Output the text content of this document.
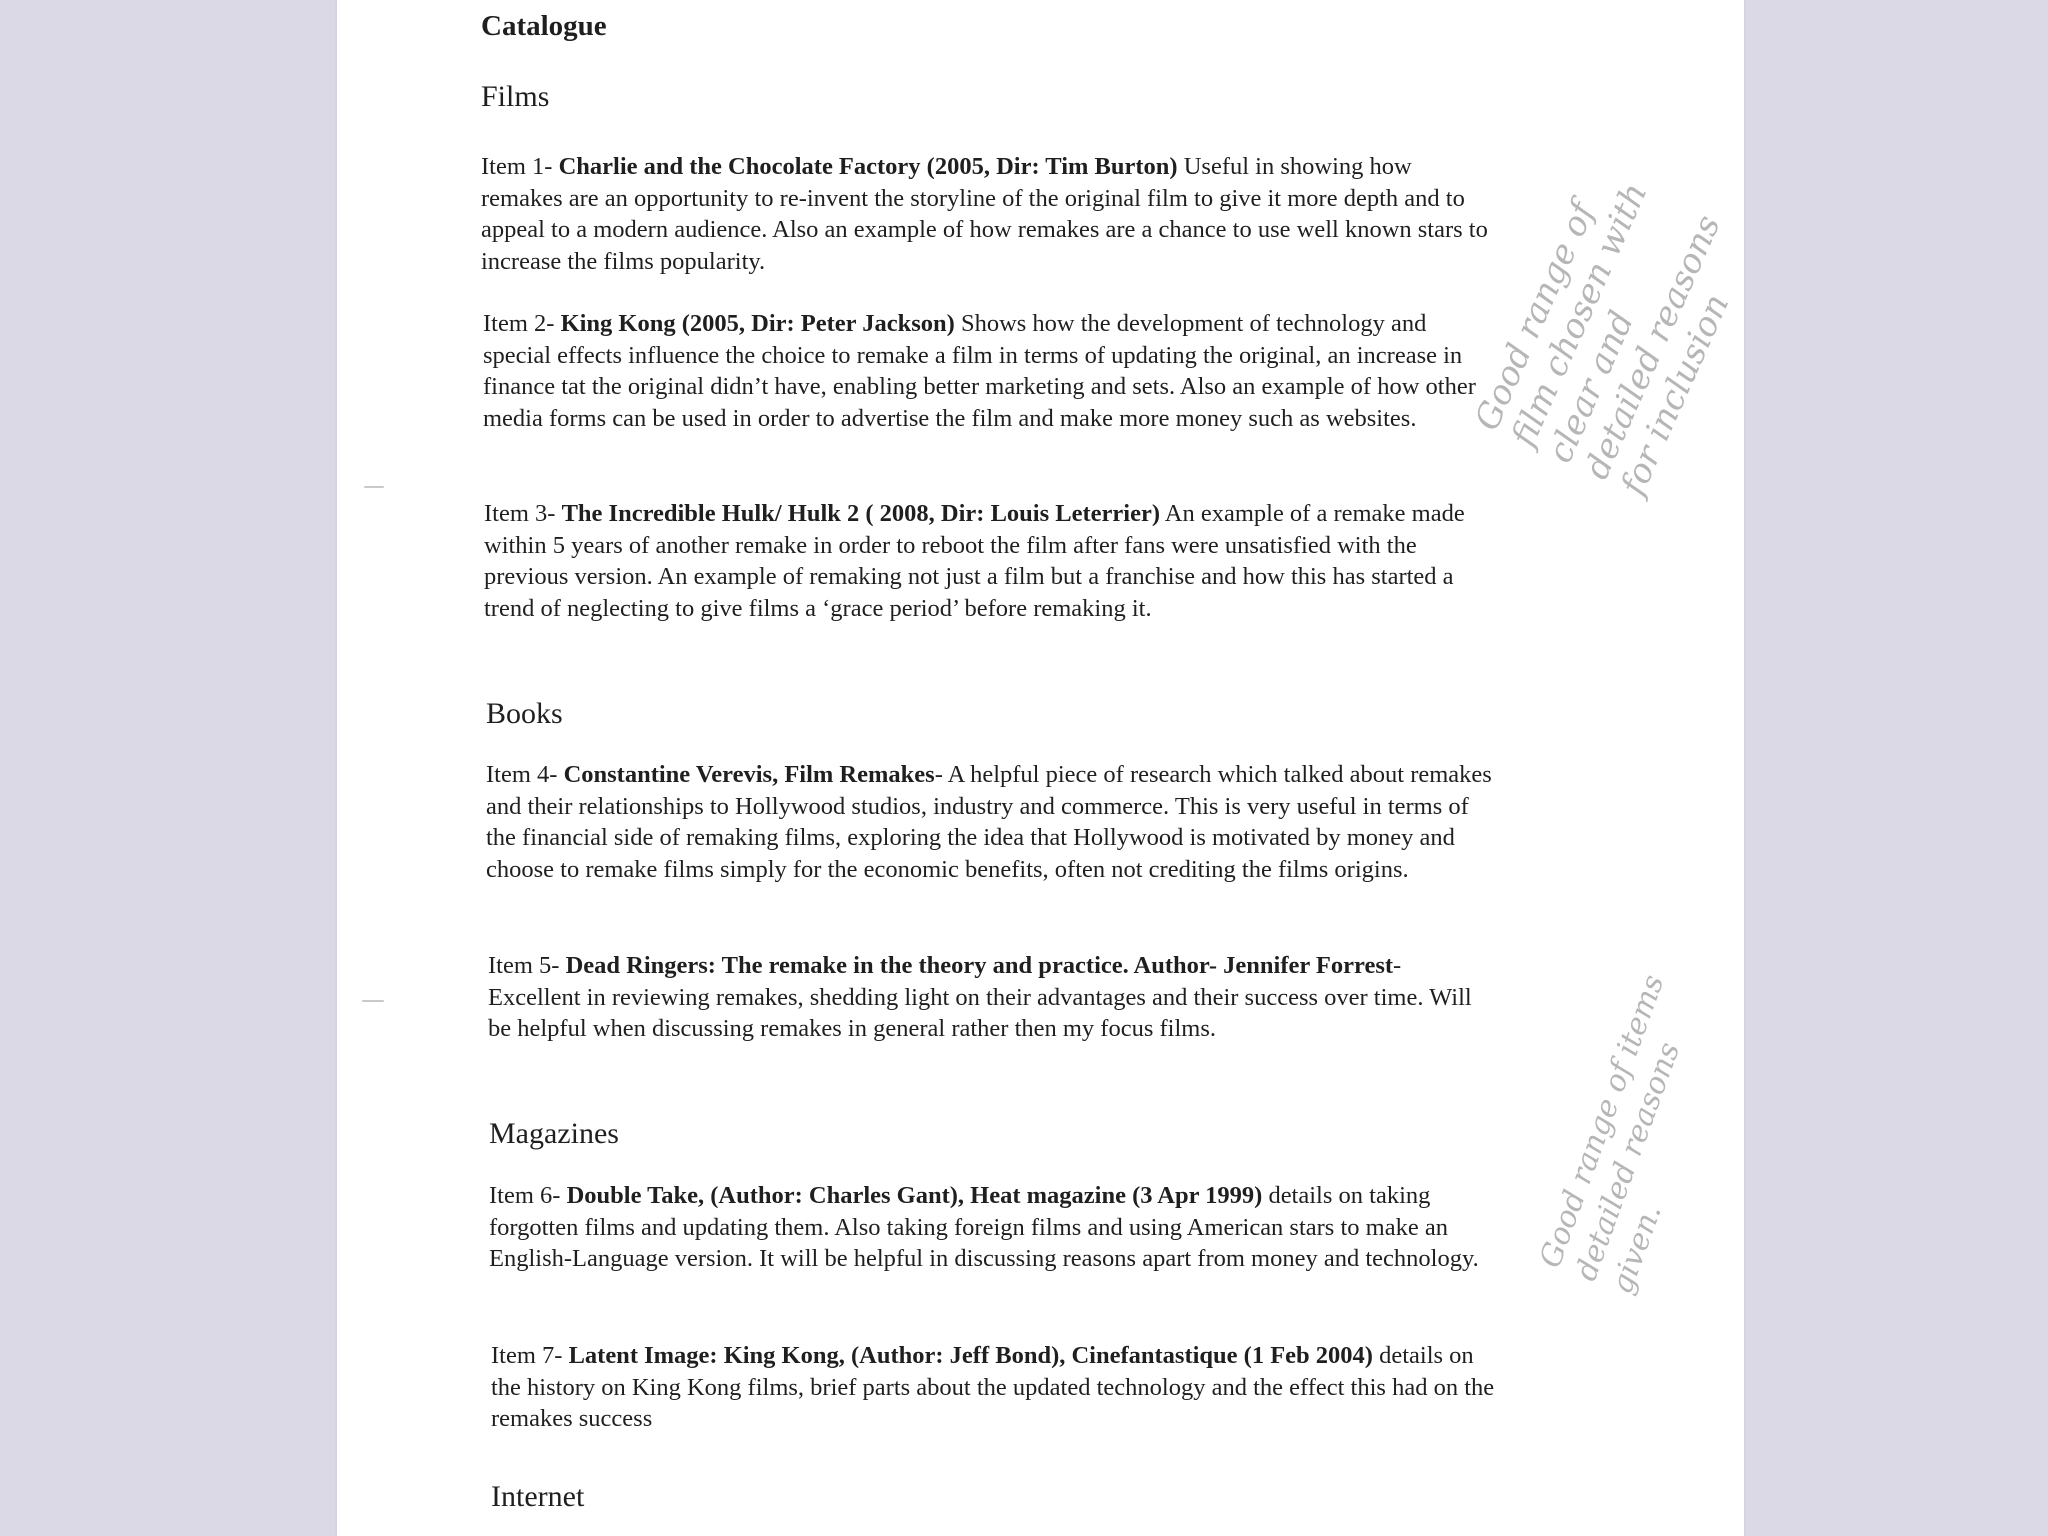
Catalogue
Films
Item 1- Charlie and the Chocolate Factory (2005, Dir: Tim Burton) Useful in showing how remakes are an opportunity to re-invent the storyline of the original film to give it more depth and to appeal to a modern audience. Also an example of how remakes are a chance to use well known stars to increase the films popularity.
Item 2- King Kong (2005, Dir: Peter Jackson) Shows how the development of technology and special effects influence the choice to remake a film in terms of updating the original, an increase in finance tat the original didn’t have, enabling better marketing and sets. Also an example of how other media forms can be used in order to advertise the film and make more money such as websites.
Item 3- The Incredible Hulk/ Hulk 2 ( 2008, Dir: Louis Leterrier) An example of a remake made within 5 years of another remake in order to reboot the film after fans were unsatisfied with the previous version. An example of remaking not just a film but a franchise and how this has started a trend of neglecting to give films a ‘grace period’ before remaking it.
Books
Item 4- Constantine Verevis, Film Remakes- A helpful piece of research which talked about remakes and their relationships to Hollywood studios, industry and commerce. This is very useful in terms of the financial side of remaking films, exploring the idea that Hollywood is motivated by money and choose to remake films simply for the economic benefits, often not crediting the films origins.
Item 5- Dead Ringers: The remake in the theory and practice. Author- Jennifer Forrest- Excellent in reviewing remakes, shedding light on their advantages and their success over time. Will be helpful when discussing remakes in general rather then my focus films.
Magazines
Item 6- Double Take, (Author: Charles Gant), Heat magazine (3 Apr 1999) details on taking forgotten films and updating them. Also taking foreign films and using American stars to make an English-Language version. It will be helpful in discussing reasons apart from money and technology.
Item 7- Latent Image: King Kong, (Author: Jeff Bond), Cinefantastique (1 Feb 2004) details on the history on King Kong films, brief parts about the updated technology and the effect this had on the remakes success
Internet
Good range of
film chosen with
clear and
detailed reasons
for inclusion
Good range of items
detailed reasons
given.
